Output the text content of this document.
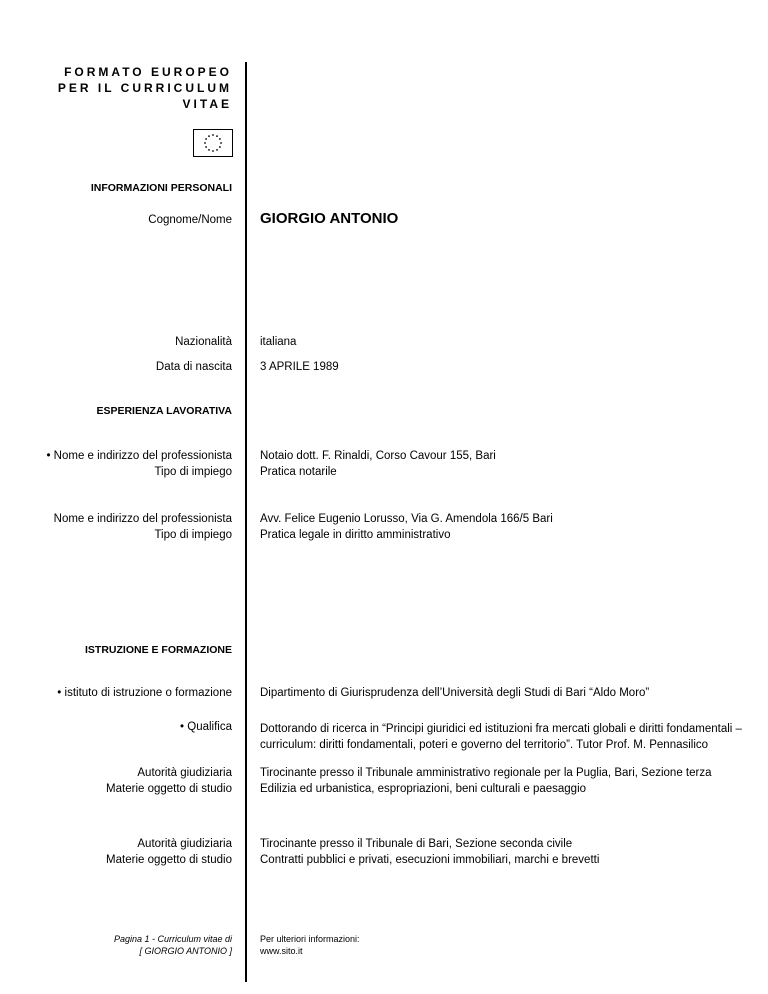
FORMATO EUROPEO
PER IL CURRICULUM
VITAE
INFORMAZIONI PERSONALI
Cognome/Nome GIORGIO ANTONIO
Nazionalità italiana
Data di nascita 3 APRILE 1989
ESPERIENZA LAVORATIVA
• Nome e indirizzo del professionista
Tipo di impiego
Notaio dott. F. Rinaldi, Corso Cavour 155, Bari
Pratica notarile
Nome e indirizzo del professionista
Tipo di impiego
Avv. Felice Eugenio Lorusso, Via G. Amendola 166/5 Bari
Pratica legale in diritto amministrativo
ISTRUZIONE E FORMAZIONE
• istituto di istruzione o formazione Dipartimento di Giurisprudenza dell’Università degli Studi di Bari “Aldo Moro”
• Qualifica Dottorando di ricerca in “Principi giuridici ed istituzioni fra mercati globali e diritti fondamentali –
curriculum: diritti fondamentali, poteri e governo del territorio”. Tutor Prof. M. Pennasilico
Autorità giudiziaria
Materie oggetto di studio
Tirocinante presso il Tribunale amministrativo regionale per la Puglia, Bari, Sezione terza
Edilizia ed urbanistica, espropriazioni, beni culturali e paesaggio
Autorità giudiziaria
Materie oggetto di studio
Tirocinante presso il Tribunale di Bari, Sezione seconda civile
Contratti pubblici e privati, esecuzioni immobiliari, marchi e brevetti
Pagina 1 - Curriculum vitae di
[ GIORGIO ANTONIO ]
Per ulteriori informazioni:
www.sito.it
